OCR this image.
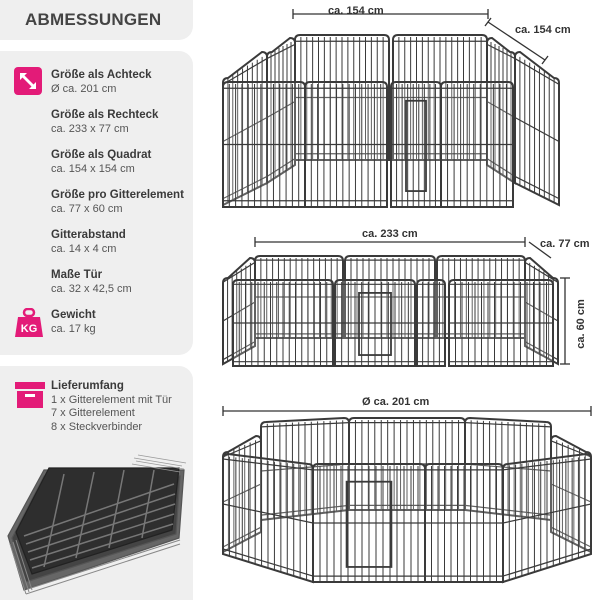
ABMESSUNGEN
Größe als Achteck
Ø ca. 201 cm
Größe als Rechteck
ca. 233 x 77 cm
Größe als Quadrat
ca. 154 x 154 cm
Größe pro Gitterelement
ca. 77 x 60 cm
Gitterabstand
ca. 14 x 4 cm
Maße Tür
ca. 32 x 42,5 cm
KG
Gewicht
ca. 17 kg
Lieferumfang
1 x Gitterelement mit Tür
7 x Gitterelement
8 x Steckverbinder
ca. 154 cm
ca. 154 cm
ca. 233 cm
ca. 77 cm
ca. 60 cm
Ø ca. 201 cm
